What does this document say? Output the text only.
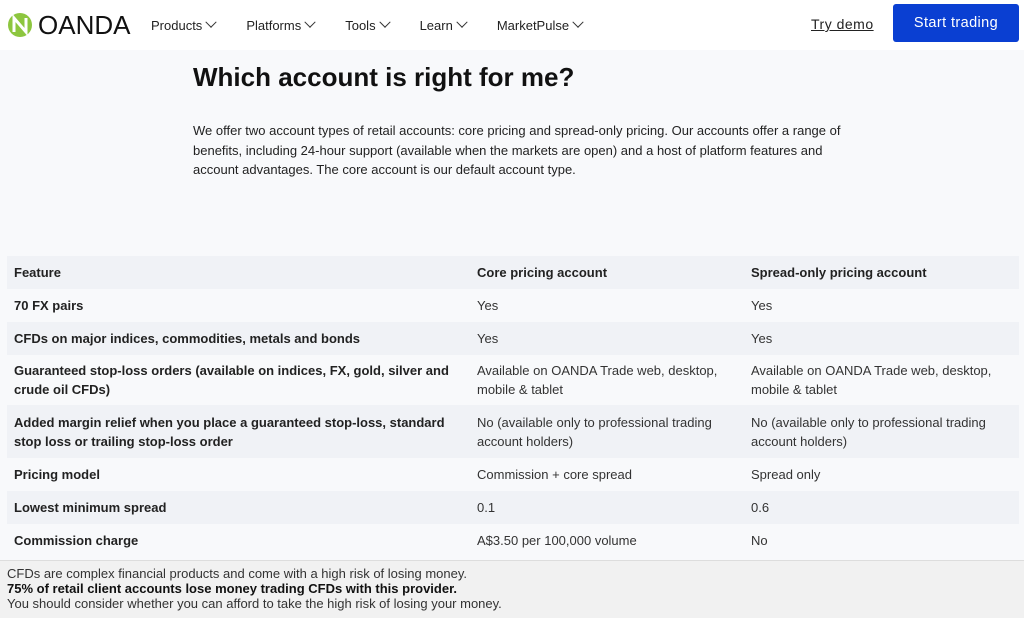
OANDA Products	Platforms	Tools	Learn	MarketPulse	Try demo	Start trading
Which account is right for me?

We offer two account types of retail accounts: core pricing and spread-only pricing. Our accounts offer a range of benefits, including 24-hour support (available when the markets are open) and a host of platform features and account advantages. The core account is our default account type.

Feature	Core pricing account	Spread-only pricing account
70 FX pairs	Yes	Yes
CFDs on major indices, commodities, metals and bonds	Yes	Yes
Guaranteed stop-loss orders (available on indices, FX, gold, silver and crude oil CFDs)	Available on OANDA Trade web, desktop, mobile & tablet	Available on OANDA Trade web, desktop, mobile & tablet
Added margin relief when you place a guaranteed stop-loss, standard stop loss or trailing stop-loss order	No (available only to professional trading account holders)	No (available only to professional trading account holders)
Pricing model	Commission + core spread	Spread only
Lowest minimum spread	0.1	0.6
Commission charge	A$3.50 per 100,000 volume	No
CFDs are complex financial products and come with a high risk of losing money.
75% of retail client accounts lose money trading CFDs with this provider.
You should consider whether you can afford to take the high risk of losing your money.
